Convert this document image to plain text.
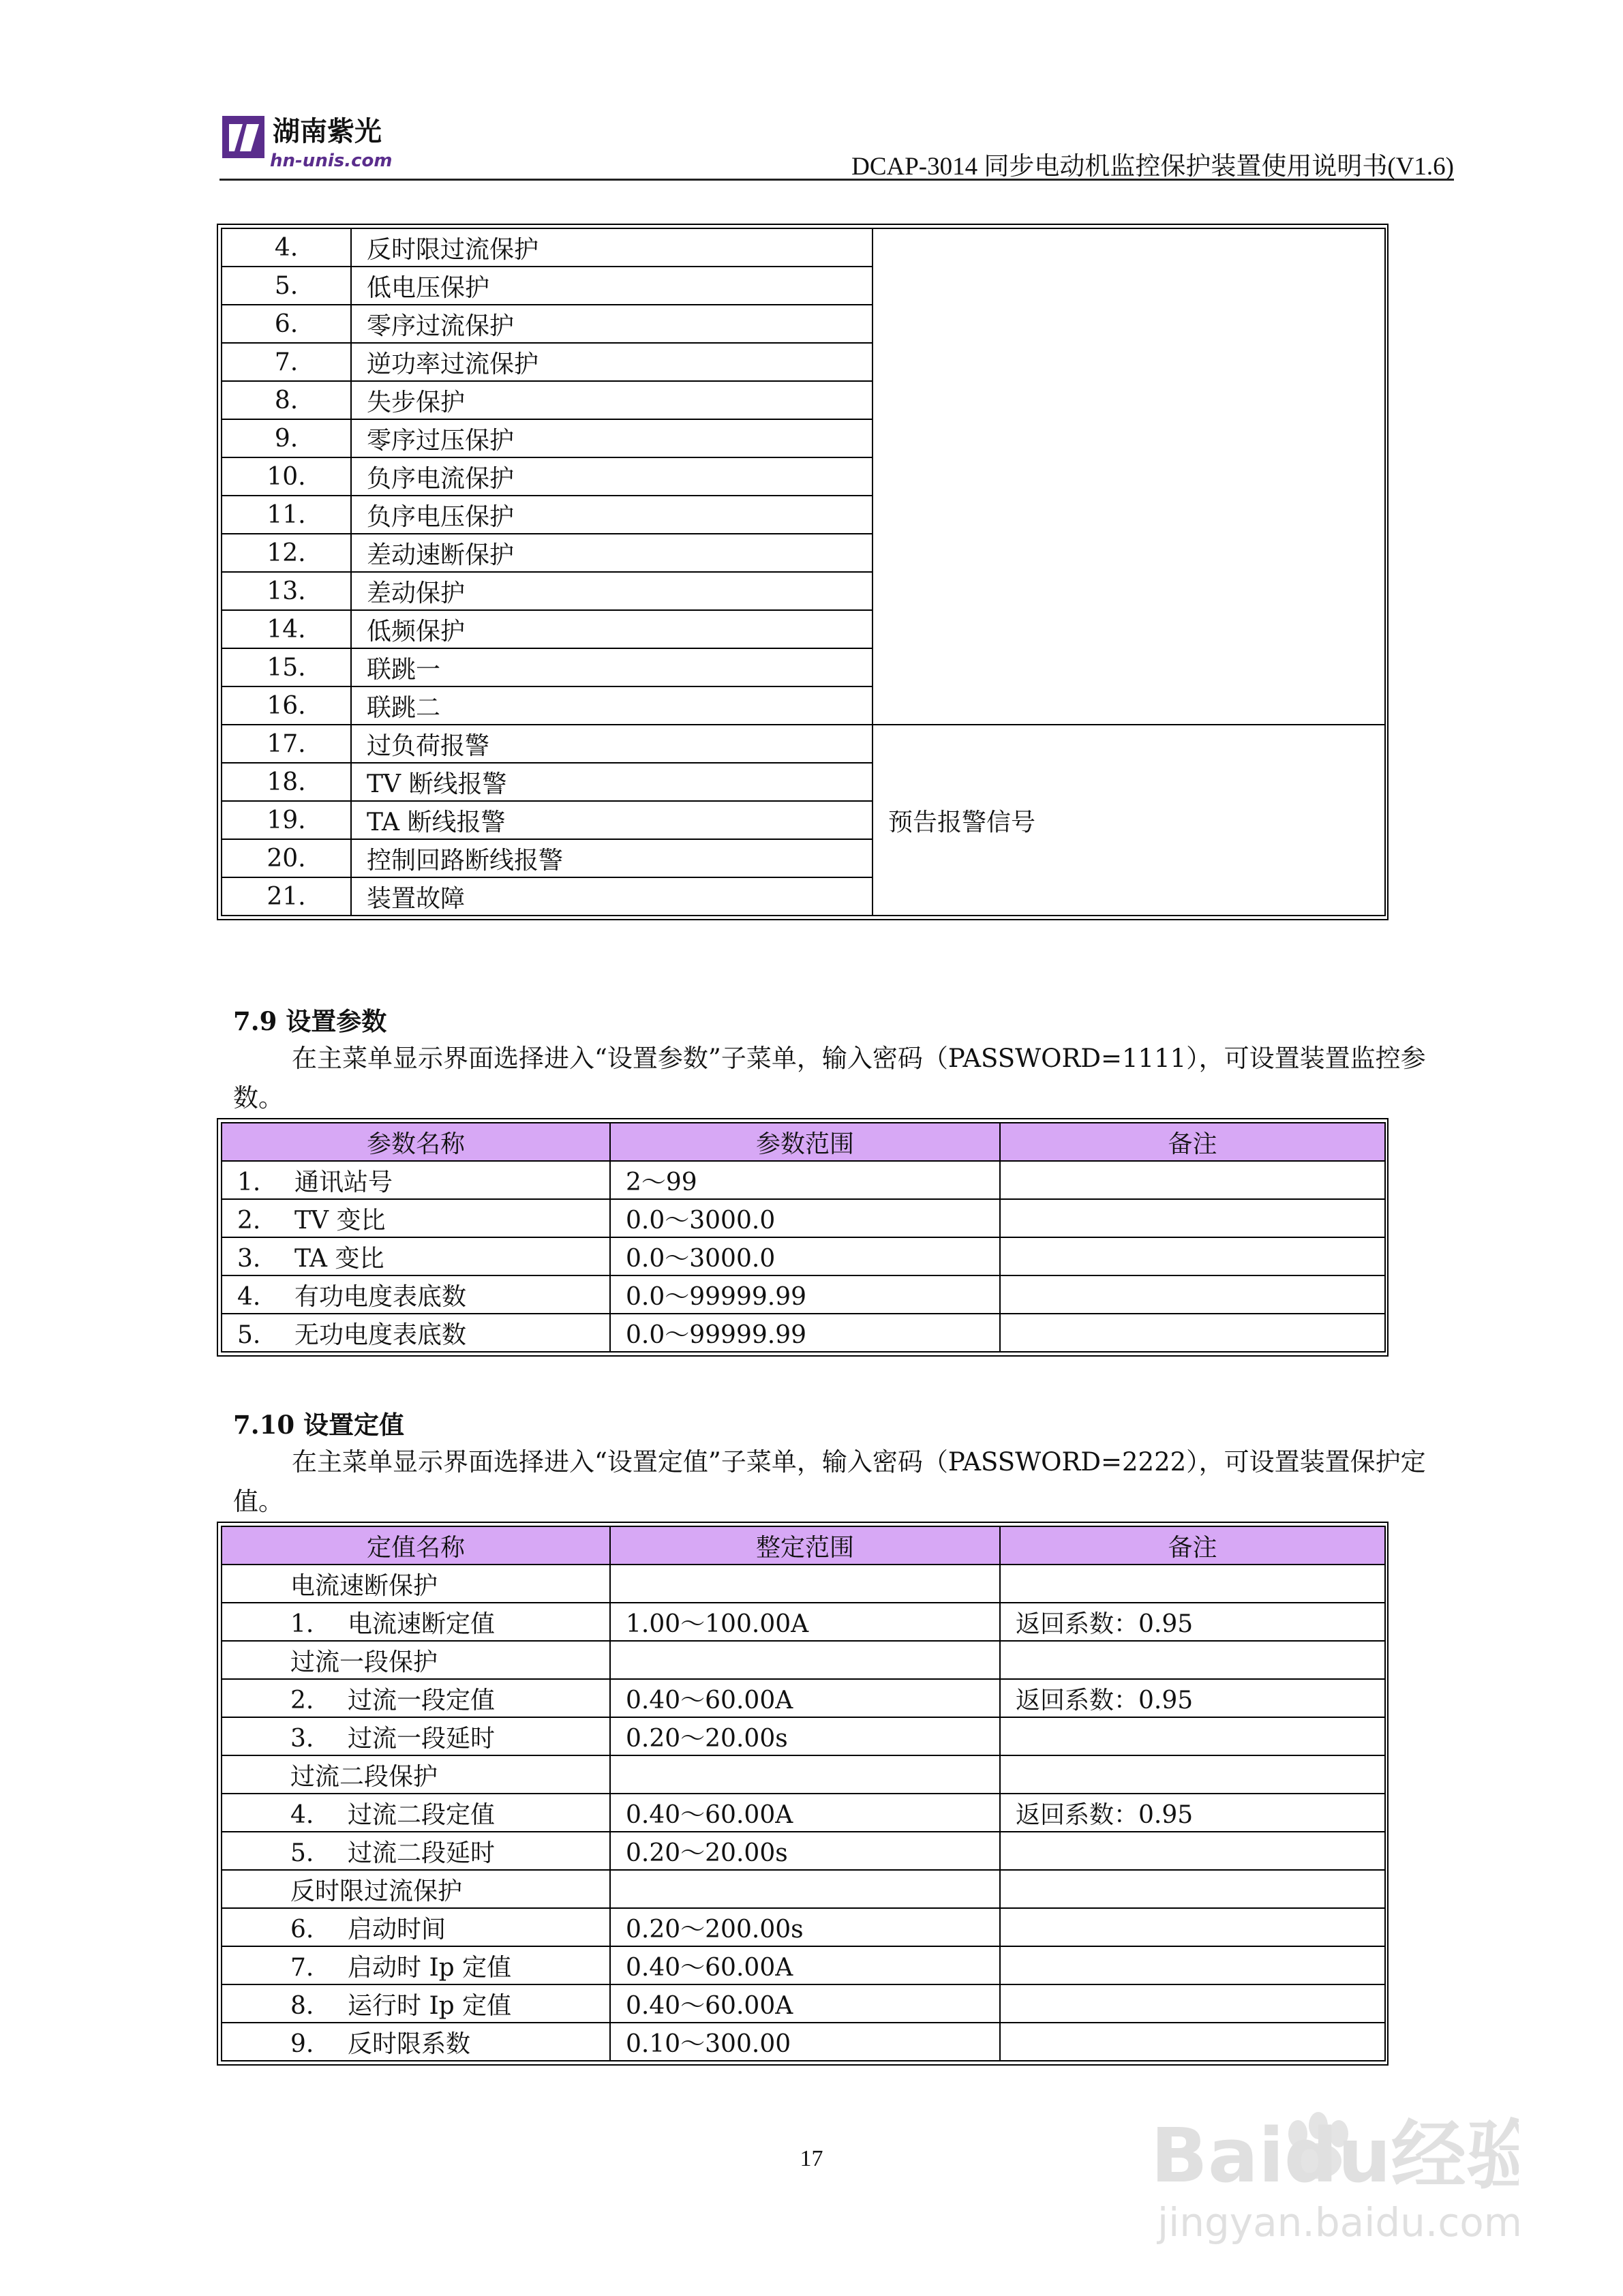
湖南紫光
hn-unis.com	DCAP-3014 同步电动机监控保护装置使用说明书(V1.6)
4.	反时限过流保护	
5.	低电压保护	
6.	零序过流保护	
7.	逆功率过流保护	
8.	失步保护	
9.	零序过压保护	
10.	负序电流保护	
11.	负序电压保护	
12.	差动速断保护	
13.	差动保护	
14.	低频保护	
15.	联跳一	
16.	联跳二	
17.	过负荷报警	预告报警信号
18.	TV 断线报警	
19.	TA 断线报警	
20.	控制回路断线报警	
21.	装置故障	
7.9 设置参数
在主菜单显示界面选择进入“设置参数”子菜单，输入密码（PASSWORD=1111），可设置装置监控参数。
参数名称	参数范围	备注
1. 通讯站号	2～99	
2. TV 变比	0.0～3000.0	
3. TA 变比	0.0～3000.0	
4. 有功电度表底数	0.0～99999.99	
5. 无功电度表底数	0.0～99999.99	
7.10 设置定值
在主菜单显示界面选择进入“设置定值”子菜单，输入密码（PASSWORD=2222），可设置装置保护定值。
定值名称	整定范围	备注
电流速断保护		
1. 电流速断定值	1.00～100.00A	返回系数：0.95
过流一段保护		
2. 过流一段定值	0.40～60.00A	返回系数：0.95
3. 过流一段延时	0.20～20.00s	
过流二段保护		
4. 过流二段定值	0.40～60.00A	返回系数：0.95
5. 过流二段延时	0.20～20.00s	
反时限过流保护		
6. 启动时间	0.20～200.00s	
7. 启动时 Ip 定值	0.40～60.00A	
8. 运行时 Ip 定值	0.40～60.00A	
9. 反时限系数	0.10～300.00	
17	Baidu经验
jingyan.baidu.com
